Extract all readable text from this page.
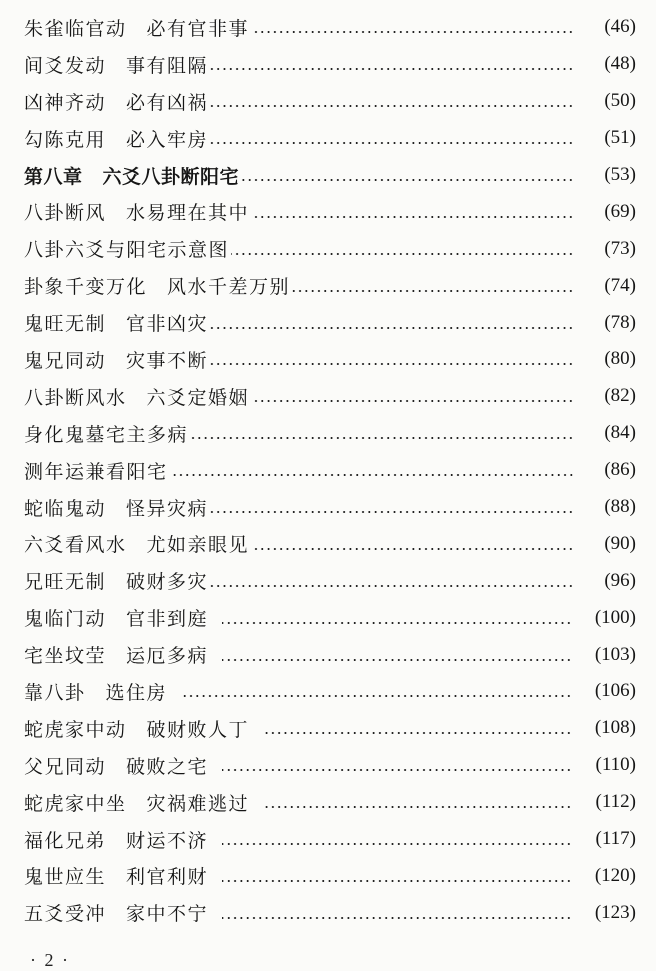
朱雀临官动 必有官非事	(46)
间爻发动 事有阻隔	(48)
凶神齐动 必有凶祸	(50)
勾陈克用 必入牢房	(51)
第八章 六爻八卦断阳宅	(53)
八卦断风 水易理在其中	(69)
八卦六爻与阳宅示意图	(73)
卦象千变万化 风水千差万别	(74)
鬼旺无制 官非凶灾	(78)
鬼兄同动 灾事不断	(80)
八卦断风水 六爻定婚姻	(82)
身化鬼墓宅主多病	(84)
测年运兼看阳宅	(86)
蛇临鬼动 怪异灾病	(88)
六爻看风水 尤如亲眼见	(90)
兄旺无制 破财多灾	(96)
鬼临门动 官非到庭	(100)
宅坐坟茔 运厄多病	(103)
靠八卦 选住房	(106)
蛇虎家中动 破财败人丁	(108)
父兄同动 破败之宅	(110)
蛇虎家中坐 灾祸难逃过	(112)
福化兄弟 财运不济	(117)
鬼世应生 利官利财	(120)
五爻受冲 家中不宁	(123)
· 2 ·
